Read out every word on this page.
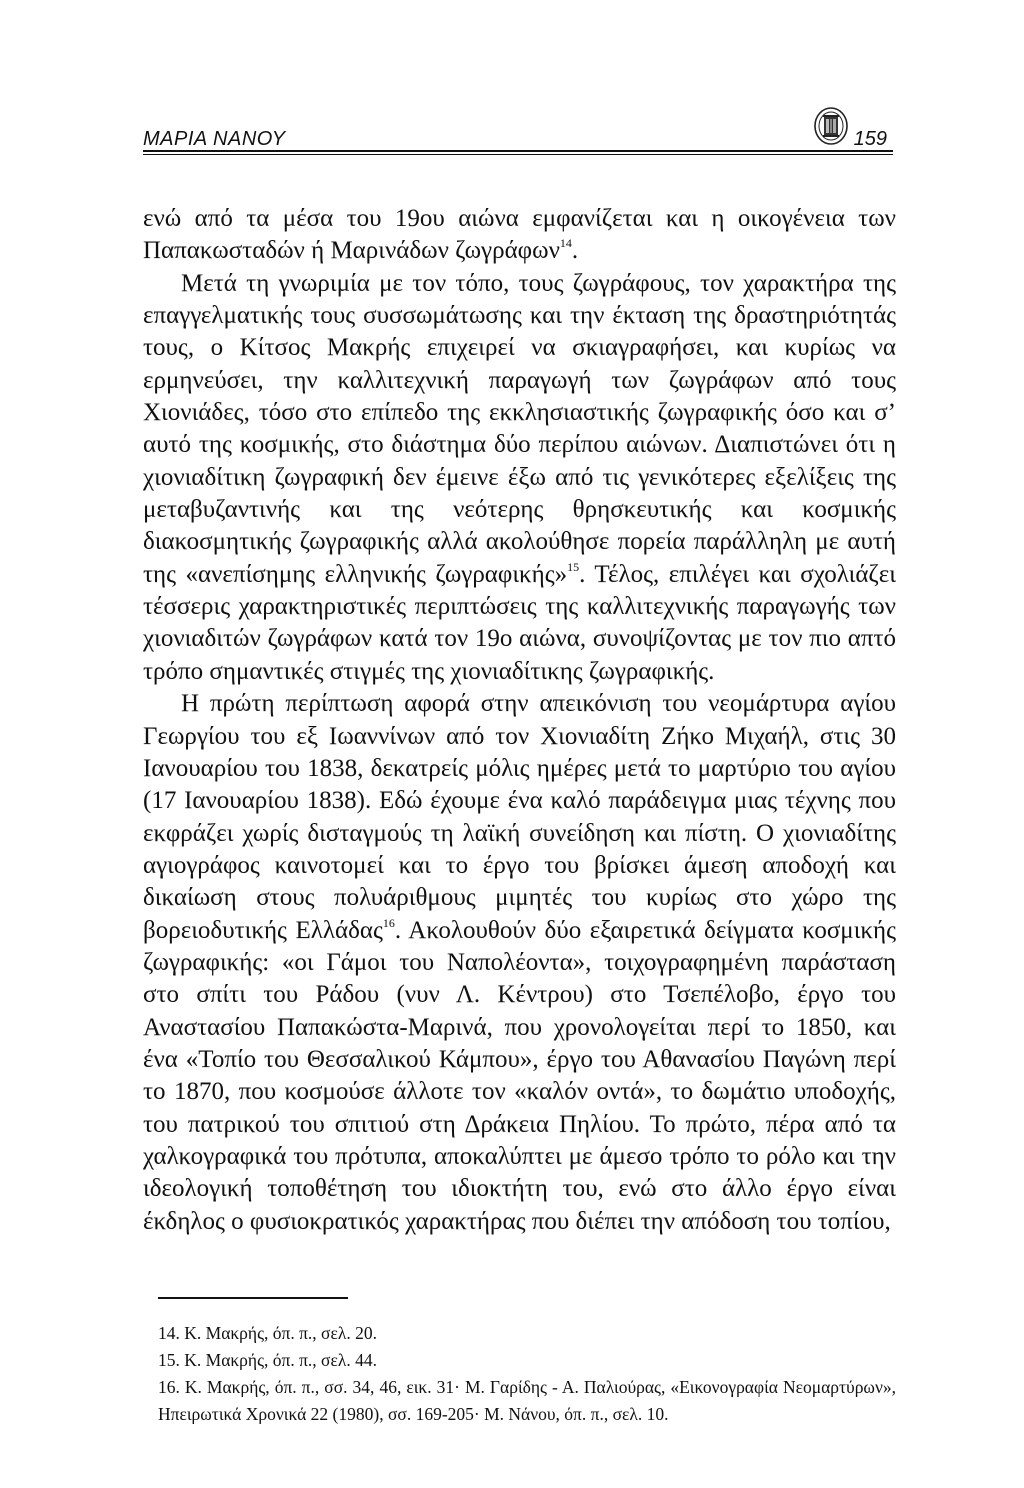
ΜΑΡΙΑ ΝΑΝΟΥ	159

ενώ από τα μέσα του 19ου αιώνα εμφανίζεται και η οικογένεια των Παπακωσταδών ή Μαρινάδων ζωγράφων$^{14}$.

Μετά τη γνωριμία με τον τόπο, τους ζωγράφους, τον χαρακτήρα της επαγγελματικής τους συσσωμάτωσης και την έκταση της δραστηριότητάς τους, ο Κίτσος Μακρής επιχειρεί να σκιαγραφήσει, και κυρίως να ερμηνεύσει, την καλλιτεχνική παραγωγή των ζωγράφων από τους Χιονιάδες, τόσο στο επίπεδο της εκκλησιαστικής ζωγραφικής όσο και σ’ αυτό της κοσμικής, στο διάστημα δύο περίπου αιώνων. Διαπιστώνει ότι η χιονιαδίτικη ζωγραφική δεν έμεινε έξω από τις γενικότερες εξελίξεις της μεταβυζαντινής και της νεότερης θρησκευτικής και κοσμικής διακοσμητικής ζωγραφικής αλλά ακολούθησε πορεία παράλληλη με αυτή της «ανεπίσημης ελληνικής ζωγραφικής»$^{15}$. Τέλος, επιλέγει και σχολιάζει τέσσερις χαρακτηριστικές περιπτώσεις της καλλιτεχνικής παραγωγής των χιονιαδιτών ζωγράφων κατά τον 19ο αιώνα, συνοψίζοντας με τον πιο απτό τρόπο σημαντικές στιγμές της χιονιαδίτικης ζωγραφικής.

Η πρώτη περίπτωση αφορά στην απεικόνιση του νεομάρτυρα αγίου Γεωργίου του εξ Ιωαννίνων από τον Χιονιαδίτη Ζήκο Μιχαήλ, στις 30 Ιανουαρίου του 1838, δεκατρείς μόλις ημέρες μετά το μαρτύριο του αγίου (17 Ιανουαρίου 1838). Εδώ έχουμε ένα καλό παράδειγμα μιας τέχνης που εκφράζει χωρίς δισταγμούς τη λαϊκή συνείδηση και πίστη. Ο χιονιαδίτης αγιογράφος καινοτομεί και το έργο του βρίσκει άμεση αποδοχή και δικαίωση στους πολυάριθμους μιμητές του κυρίως στο χώρο της βορειοδυτικής Ελλάδας$^{16}$. Ακολουθούν δύο εξαιρετικά δείγματα κοσμικής ζωγραφικής: «οι Γάμοι του Ναπολέοντα», τοιχογραφημένη παράσταση στο σπίτι του Ράδου (νυν Λ. Κέντρου) στο Τσεπέλοβο, έργο του Αναστασίου Παπακώστα-Μαρινά, που χρονολογείται περί το 1850, και ένα «Τοπίο του Θεσσαλικού Κάμπου», έργο του Αθανασίου Παγώνη περί το 1870, που κοσμούσε άλλοτε τον «καλόν οντά», το δωμάτιο υποδοχής, του πατρικού του σπιτιού στη Δράκεια Πηλίου. Το πρώτο, πέρα από τα χαλκογραφικά του πρότυπα, αποκαλύπτει με άμεσο τρόπο το ρόλο και την ιδεολογική τοποθέτηση του ιδιοκτήτη του, ενώ στο άλλο έργο είναι έκδηλος ο φυσιοκρατικός χαρακτήρας που διέπει την απόδοση του τοπίου,

14. Κ. Μακρής, όπ. π., σελ. 20.

15. Κ. Μακρής, όπ. π., σελ. 44.

16. Κ. Μακρής, όπ. π., σσ. 34, 46, εικ. 31· Μ. Γαρίδης - Α. Παλιούρας, «Εικονογραφία Νεομαρτύρων», Ηπειρωτικά Χρονικά 22 (1980), σσ. 169-205· Μ. Νάνου, όπ. π., σελ. 10.
